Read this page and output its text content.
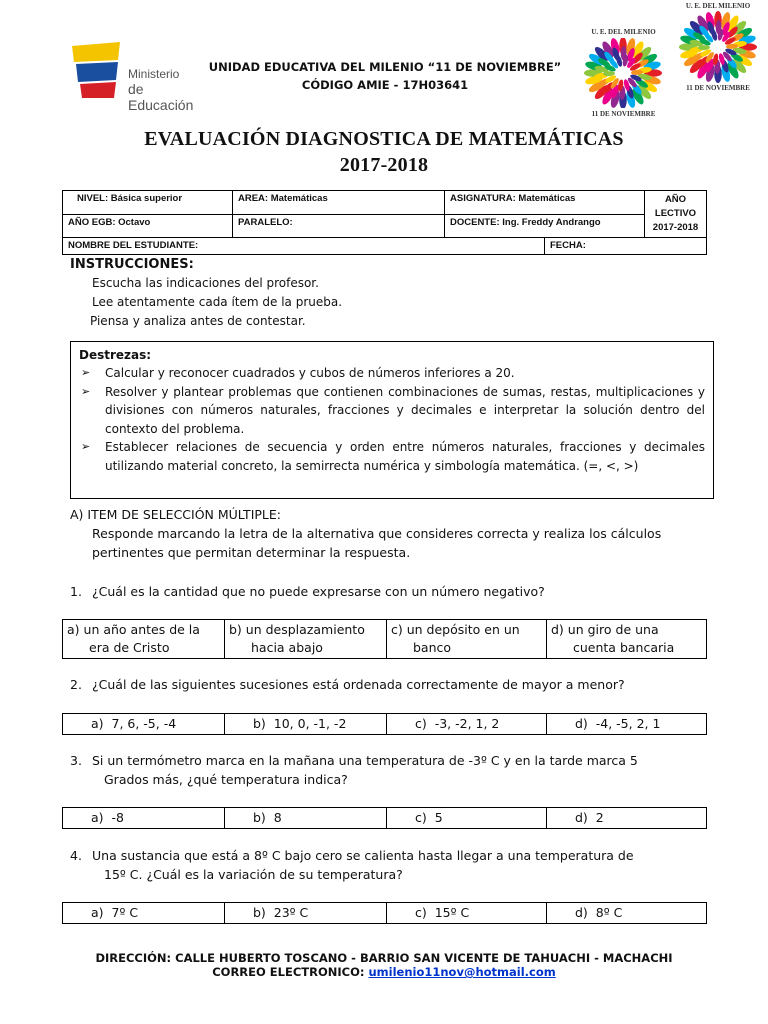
Ministerio
de Educación
UNIDAD EDUCATIVA DEL MILENIO “11 DE NOVIEMBRE”
CÓDIGO AMIE - 17H03641
U. E. DEL MILENIO
11 DE NOVIEMBRE
U. E. DEL MILENIO
11 DE NOVIEMBRE
EVALUACIÓN DIAGNOSTICA DE MATEMÁTICAS
2017-2018
NIVEL: Básica superior	AREA: Matemáticas	ASIGNATURA: Matemáticas		AÑO LECTIVO
2017-2018

AÑO EGB: Octavo	PARALELO:	DOCENTE: Ing. Freddy Andrango		
NOMBRE DEL ESTUDIANTE:			FECHA:	
INSTRUCCIONES:
Escucha las indicaciones del profesor.
Lee atentamente cada ítem de la prueba.
Piensa y analiza antes de contestar.
Destrezas:
➢ Calcular y reconocer cuadrados y cubos de números inferiores a 20.
➢ Resolver y plantear problemas que contienen combinaciones de sumas, restas, multiplicaciones y divisiones con números naturales, fracciones y decimales e interpretar la solución dentro del contexto del problema.
➢ Establecer relaciones de secuencia y orden entre números naturales, fracciones y decimales utilizando material concreto, la semirrecta numérica y simbología matemática. (=, <, >)
A) ITEM DE SELECCIÓN MÚLTIPLE:
Responde marcando la letra de la alternativa que consideres correcta y realiza los cálculos
pertinentes que permitan determinar la respuesta.
1. ¿Cuál es la cantidad que no puede expresarse con un número negativo?
a) un año antes de la
era de Cristo	b) un desplazamiento
hacia abajo	c) un depósito en un
banco	d) un giro de una
cuenta bancaria
2. ¿Cuál de las siguientes sucesiones está ordenada correctamente de mayor a menor?
a) 7, 6, -5, -4	b) 10, 0, -1, -2	c) -3, -2, 1, 2	d) -4, -5, 2, 1
3. Si un termómetro marca en la mañana una temperatura de -3º C y en la tarde marca 5
Grados más, ¿qué temperatura indica?
a) -8	b) 8	c) 5	d) 2
4. Una sustancia que está a 8º C bajo cero se calienta hasta llegar a una temperatura de
15º C. ¿Cuál es la variación de su temperatura?
a) 7º C	b) 23º C	c) 15º C	d) 8º C
DIRECCIÓN: CALLE HUBERTO TOSCANO - BARRIO SAN VICENTE DE TAHUACHI - MACHACHI
CORREO ELECTRONICO: umilenio11nov@hotmail.com
